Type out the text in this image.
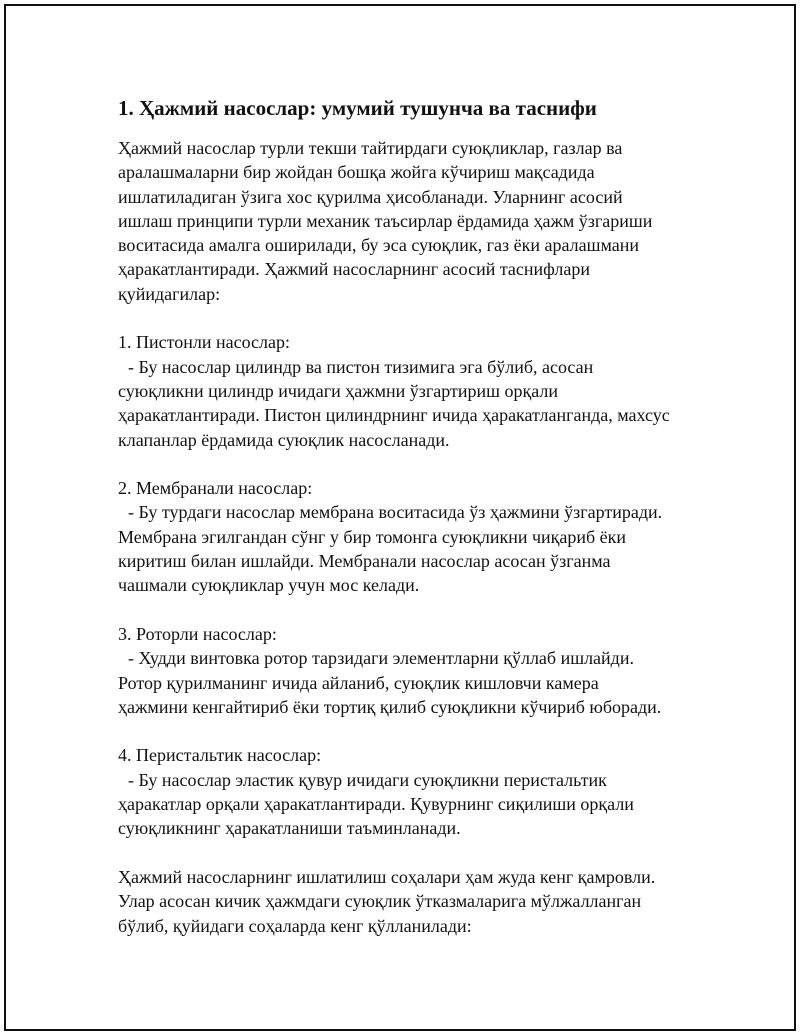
1. Ҳажмий насослар: умумий тушунча ва таснифи
Ҳажмий насослар турли текши тайтирдаги суюқликлар, газлар ва
аралашмаларни бир жойдан бошқа жойга кўчириш мақсадида
ишлатиладиган ўзига хос қурилма ҳисобланади. Уларнинг асосий
ишлаш принципи турли механик таъсирлар ёрдамида ҳажм ўзгариши
воситасида амалга оширилади, бу эса суюқлик, газ ёки аралашмани
ҳаракатлантиради. Ҳажмий насосларнинг асосий таснифлари
қуйидагилар:
1. Пистонли насослар:
- Бу насослар цилиндр ва пистон тизимига эга бўлиб, асосан
суюқликни цилиндр ичидаги ҳажмни ўзгартириш орқали
ҳаракатлантиради. Пистон цилиндрнинг ичида ҳаракатланганда, махсус
клапанлар ёрдамида суюқлик насосланади.
2. Мембранали насослар:
- Бу турдаги насослар мембрана воситасида ўз ҳажмини ўзгартиради.
Мембрана эгилгандан сўнг у бир томонга суюқликни чиқариб ёки
киритиш билан ишлайди. Мембранали насослар асосан ўзганма
чашмали суюқликлар учун мос келади.
3. Роторли насослар:
- Худди винтовка ротор тарзидаги элементларни қўллаб ишлайди.
Ротор қурилманинг ичида айланиб, суюқлик кишловчи камера
ҳажмини кенгайтириб ёки тортиқ қилиб суюқликни кўчириб юборади.
4. Перистальтик насослар:
- Бу насослар эластик қувур ичидаги суюқликни перистальтик
ҳаракатлар орқали ҳаракатлантиради. Қувурнинг сиқилиши орқали
суюқликнинг ҳаракатланиши таъминланади.
Ҳажмий насосларнинг ишлатилиш соҳалари ҳам жуда кенг қамровли.
Улар асосан кичик ҳажмдаги суюқлик ўтказмаларига мўлжалланган
бўлиб, қуйидаги соҳаларда кенг қўлланилади:
